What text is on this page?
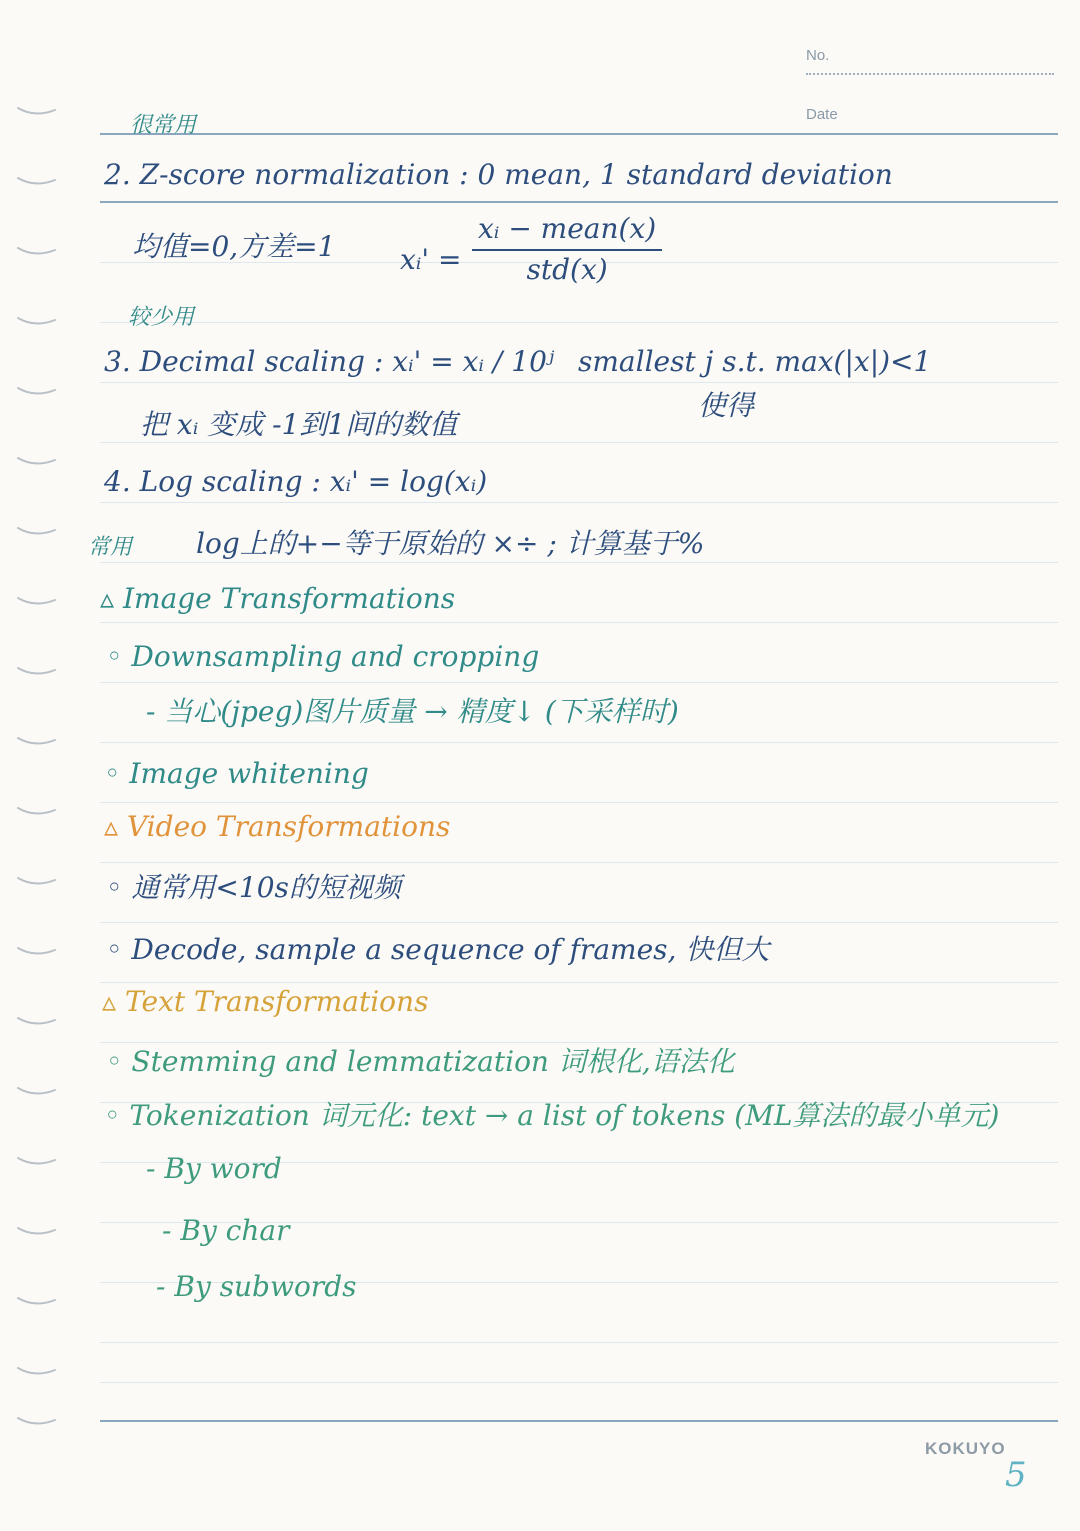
No.
Date
很常用
2. Z-score normalization : 0 mean, 1 standard deviation
均值=0,方差=1 xᵢ' =
xᵢ − mean(x)
std(x)
较少用
3. Decimal scaling : xᵢ' = xᵢ / 10ʲ smallest j s.t. max(|x|)<1
使得
把 xᵢ 变成 -1到1间的数值
4. Log scaling : xᵢ' = log(xᵢ)
常用 log上的+−等于原始的 ×÷ ; 计算基于%
▵ Image Transformations
◦ Downsampling and cropping
- 当心(jpeg)图片质量 → 精度↓ (下采样时)
◦ Image whitening
▵ Video Transformations
◦ 通常用<10s的短视频
◦ Decode, sample a sequence of frames, 快但大
▵ Text Transformations
◦ Stemming and lemmatization 词根化,语法化
◦ Tokenization 词元化: text → a list of tokens (ML算法的最小单元)
- By word
- By char
- By subwords
KOKUYO
5
